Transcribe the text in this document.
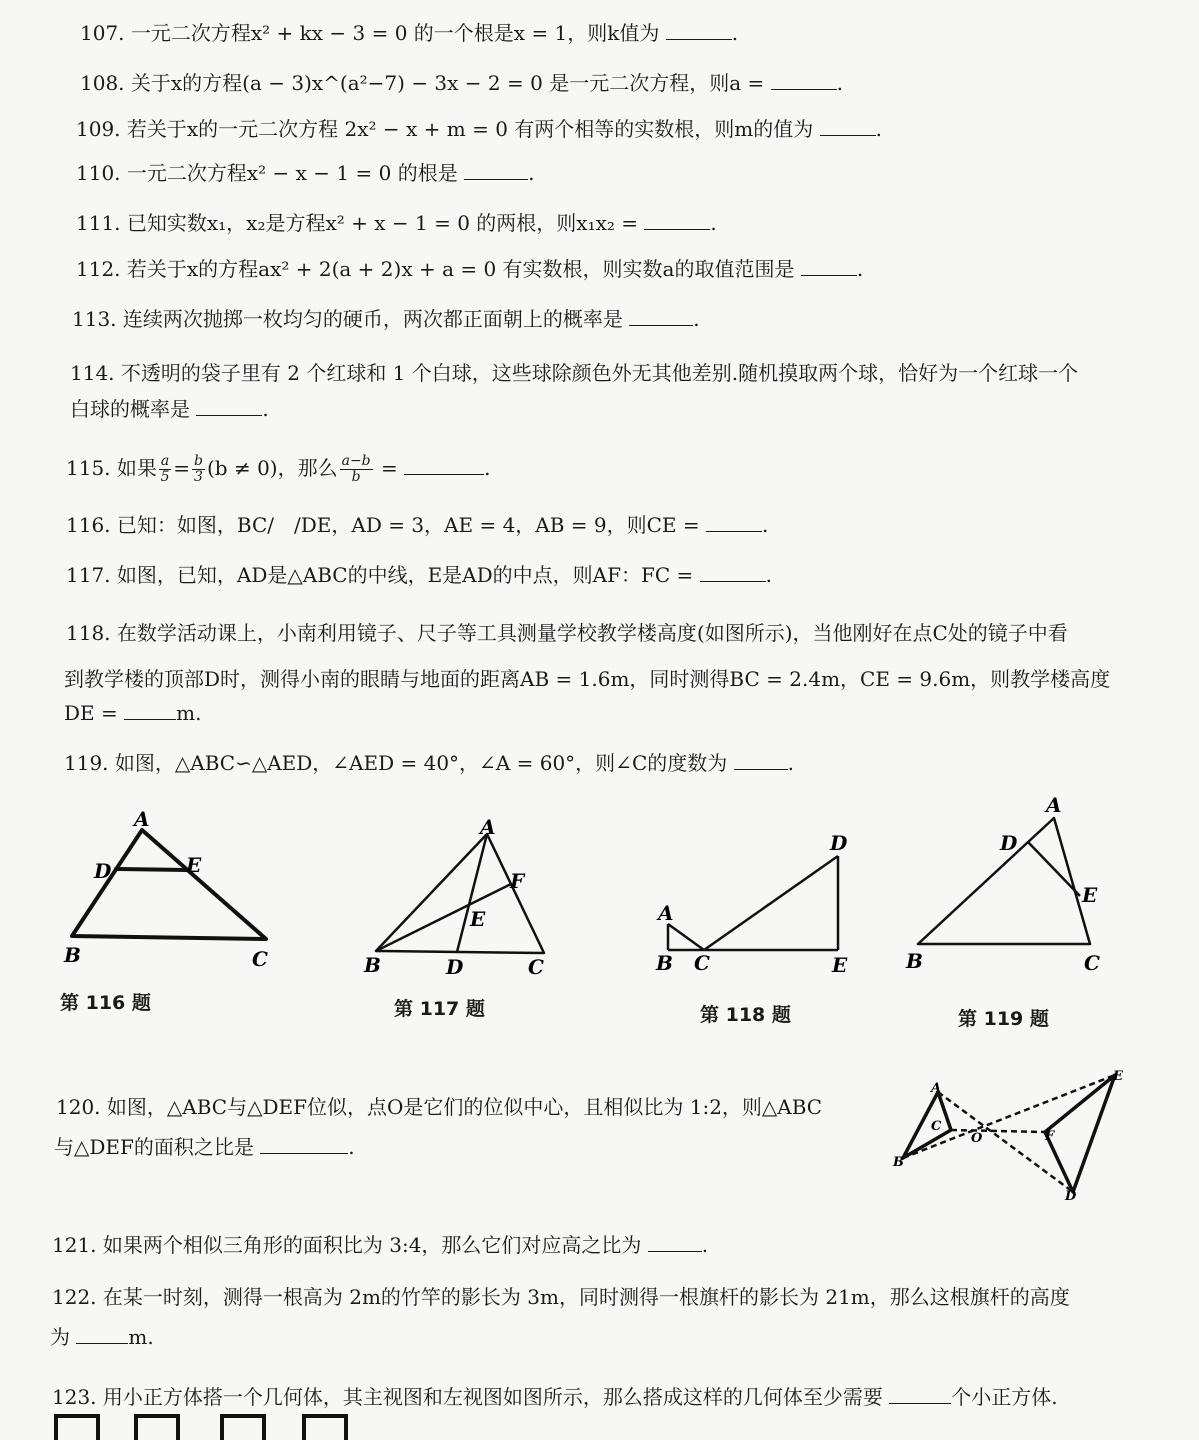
107. 一元二次方程x² + kx − 3 = 0 的一个根是x = 1，则k值为	.
108. 关于x的方程(a − 3)x^(a²−7) − 3x − 2 = 0 是一元二次方程，则a =	.
109. 若关于x的一元二次方程 2x² − x + m = 0 有两个相等的实数根，则m的值为	.
110. 一元二次方程x² − x − 1 = 0 的根是	.
111. 已知实数x₁，x₂是方程x² + x − 1 = 0 的两根，则x₁x₂ =	.
112. 若关于x的方程ax² + 2(a + 2)x + a = 0 有实数根，则实数a的取值范围是	.
113. 连续两次抛掷一枚均匀的硬币，两次都正面朝上的概率是	.
114. 不透明的袋子里有 2 个红球和 1 个白球，这些球除颜色外无其他差别.随机摸取两个球，恰好为一个红球一个
白球的概率是	.
115. 如果 $\frac{a}{5} = \frac{b}{3} (b \ne 0)$，那么 $\frac{a-b}{b}$ =	.
116. 已知：如图，BC/　/DE，AD = 3，AE = 4，AB = 9，则CE =	.
117. 如图，已知，AD是△ABC的中线，E是AD的中点，则AF：FC =	.
118. 在数学活动课上，小南利用镜子、尺子等工具测量学校教学楼高度(如图所示)，当他刚好在点C处的镜子中看
到教学楼的顶部D时，测得小南的眼睛与地面的距离AB = 1.6m，同时测得BC = 2.4m，CE = 9.6m，则教学楼高度
DE =	m.
119. 如图，△ABC∽△AED，∠AED = 40°，∠A = 60°，则∠C的度数为	.
A
D	E
B	C
第 116 题
A
F
E
B	D	C
第 117 题
D
A
B C	E
第 118 题
A
D
E
B	C
第 119 题
120. 如图，△ABC与△DEF位似，点O是它们的位似中心，且相似比为 1:2，则△ABC
与△DEF的面积之比是	.
A
C
B
O	F
E
D
121. 如果两个相似三角形的面积比为 3:4，那么它们对应高之比为	.
122. 在某一时刻，测得一根高为 2m的竹竿的影长为 3m，同时测得一根旗杆的影长为 21m，那么这根旗杆的高度
为	m.
123. 用小正方体搭一个几何体，其主视图和左视图如图所示，那么搭成这样的几何体至少需要	个小正方体.
